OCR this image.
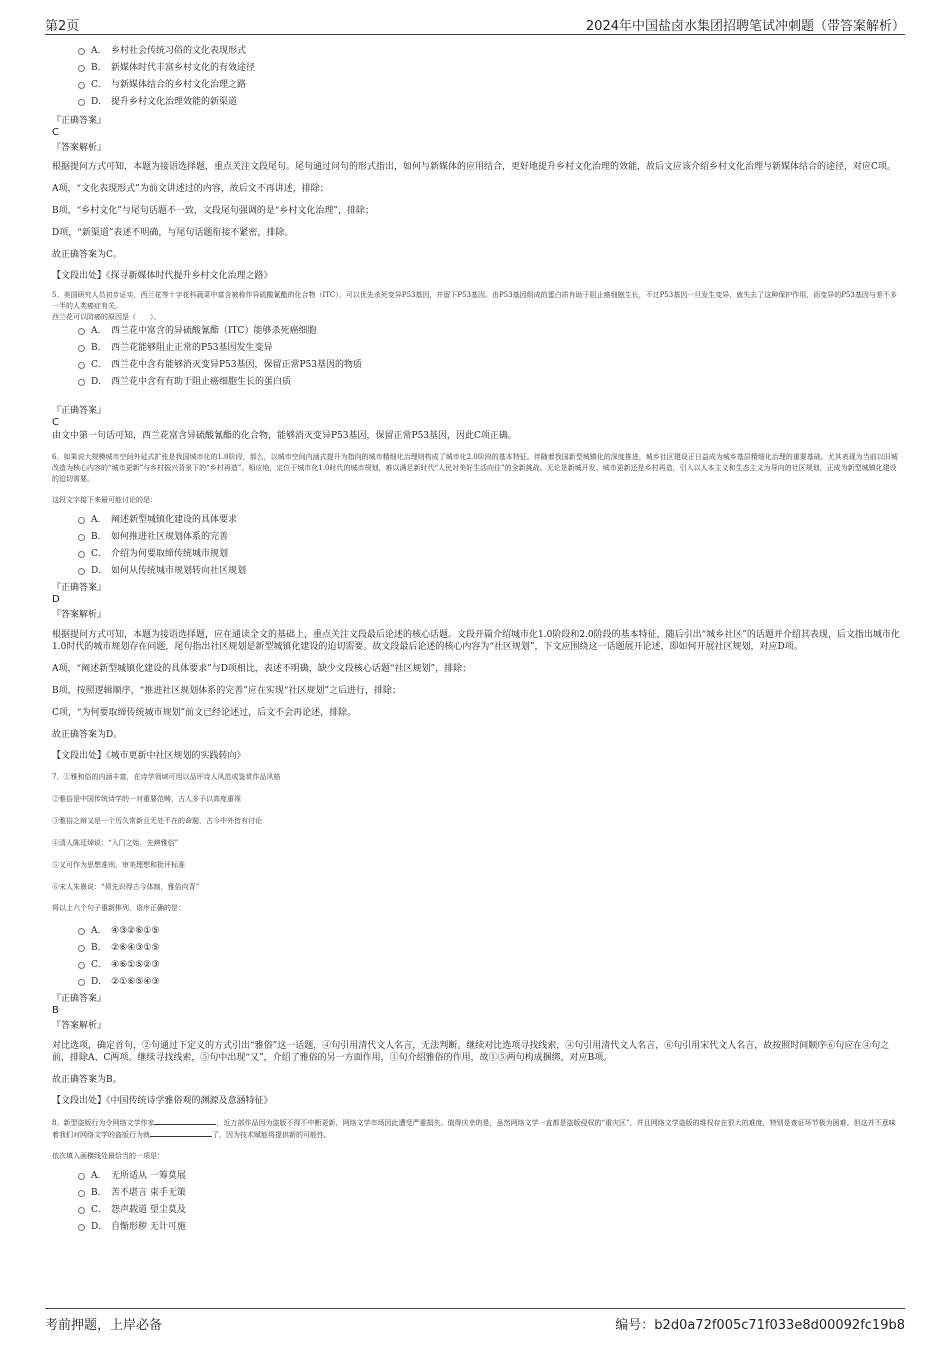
第2页	2024年中国盐卤水集团招聘笔试冲刺题（带答案解析）
A． 乡村社会传统习俗的文化表现形式
B． 新媒体时代丰富乡村文化的有效途径
C． 与新媒体结合的乡村文化治理之路
D． 提升乡村文化治理效能的新渠道
『正确答案』
C
『答案解析』

根据提问方式可知，本题为接语选择题，重点关注文段尾句。尾句通过问句的形式指出，如何与新媒体的应用结合，更好地提升乡村文化治理的效能，故后文应该介绍乡村文化治理与新媒体结合的途径，对应C项。

A项，“文化表现形式”为前文讲述过的内容，故后文不再讲述，排除；

B项，“乡村文化”与尾句话题不一致，文段尾句强调的是“乡村文化治理”，排除；

D项，“新渠道”表述不明确，与尾句话题衔接不紧密，排除。

故正确答案为C。

【文段出处】《探寻新媒体时代提升乡村文化治理之路》

5、美国研究人员初步证实，西兰花等十字花科蔬菜中富含被称作异硫酸氰酯的化合物（ITC），可以优先杀死变异P53基因，并留下P53基因。由P53基因组成的蛋白质有助于阻止癌细胞生长，不过P53基因一旦发生变异，就失去了这种保护作用，而变异的P53基因与差不多一半的人类癌症有关。

西兰花可以防癌的原因是（　　）。

A． 西兰花中富含的异硫酸氰酯（ITC）能够杀死癌细胞
B． 西兰花能够阻止正常的P53基因发生变异
C． 西兰花中含有能够消灭变异P53基因，保留正常P53基因的物质
D． 西兰花中含有有助于阻止癌细胞生长的蛋白质
『正确答案』
C

由文中第一句话可知，西兰花富含异硫酸氰酯的化合物，能够消灭变异P53基因，保留正常P53基因，因此C项正确。

6、如果说大规模城市空间外延式扩张是我国城市化的1.0阶段，那么，以城市空间内涵式提升为指向的城市精细化治理则构成了城市化2.0阶段的基本特征。伴随着我国新型城镇化的深度推进，城乡社区建设正日益成为城乡基层精细化治理的重要基础。尤其表现为当前以旧城改造为核心内容的“城市更新”与乡村振兴背景下的“乡村再造”。相应地，定位于城市化1.0时代的城市规划，难以满足新时代“人民对美好生活向往”的全新挑战。无论是新城开发、城市更新还是乡村再造，引入以人本主义和生态主义为导向的社区规划，正成为新型城镇化建设的迫切需要。

这段文字接下来最可能讨论的是：

A． 阐述新型城镇化建设的具体要求
B． 如何推进社区规划体系的完善
C． 介绍为何要取缔传统城市规划
D． 如何从传统城市规划转向社区规划
『正确答案』
D
『答案解析』

根据提问方式可知，本题为接语选择题，应在通读全文的基础上，重点关注文段最后论述的核心话题。文段开篇介绍城市化1.0阶段和2.0阶段的基本特征，随后引出“城乡社区”的话题并介绍其表现，后文指出城市化1.0时代的城市规划存在问题，尾句指出社区规划是新型城镇化建设的迫切需要。故文段最后论述的核心内容为“社区规划”，下文应围绕这一话题展开论述，即如何开展社区规划，对应D项。

A项，“阐述新型城镇化建设的具体要求”与D项相比，表述不明确，缺少文段核心话题“社区规划”，排除；

B项，按照逻辑顺序，“推进社区规划体系的完善”应在实现“社区规划”之后进行，排除；

C项，“为何要取缔传统城市规划”前文已经论述过，后文不会再论述，排除。

故正确答案为D。

【文段出处】《城市更新中社区规划的实践转向》

7、①雅和俗的内涵丰富，在诗学领域可用以品评诗人风范或鉴赏作品风格

②雅俗是中国传统诗学的一对重要范畴，古人多予以高度重视

③雅俗之辩又是一个历久常新且无处不在的命题，古今中外皆有讨论

④清人陈廷焯说：“入门之始，先辨雅俗”

⑤又可作为思想准则，审美理想和批评标准

⑥宋人朱熹说：“须先识得古今体制，雅俗向背”

将以上六个句子重新排列，语序正确的是：

A． ④③②⑥①⑤
B． ②⑥④③①⑤
C． ④⑥①⑤②③
D． ②①⑥⑤④③
『正确答案』
B
『答案解析』

对比选项，确定首句，②句通过下定义的方式引出“雅俗”这一话题，④句引用清代文人名言，无法判断。继续对比选项寻找线索，④句引用清代文人名言，⑥句引用宋代文人名言，故按照时间顺序⑥句应在④句之前，排除A、C两项。继续寻找线索，⑤句中出现“又”，介绍了雅俗的另一方面作用，①句介绍雅俗的作用，故①⑤两句构成捆绑，对应B项。

故正确答案为B。

【文段出处】《中国传统诗学雅俗观的渊源及意涵特征》

8、新型盗版行为令网络文学作家	，近万部作品因为盗版不得不中断更新，网络文学市场因此遭受严重损失。值得庆幸的是，虽然网络文学一直都是盗版侵权的“重灾区”，并且网络文学盗版的维权存在很大的难度，特别是查证环节极为困难。但这并不意味着我们对网络文学的盗版行为就	了，因为技术赋能将提供新的可能性。

依次填入画横线处最恰当的一项是：

A． 无所适从 一筹莫展
B． 苦不堪言 束手无策
C． 怨声载道 望尘莫及
D． 自惭形秽 无计可施
考前押题，上岸必备	编号：b2d0a72f005c71f033e8d00092fc19b8
